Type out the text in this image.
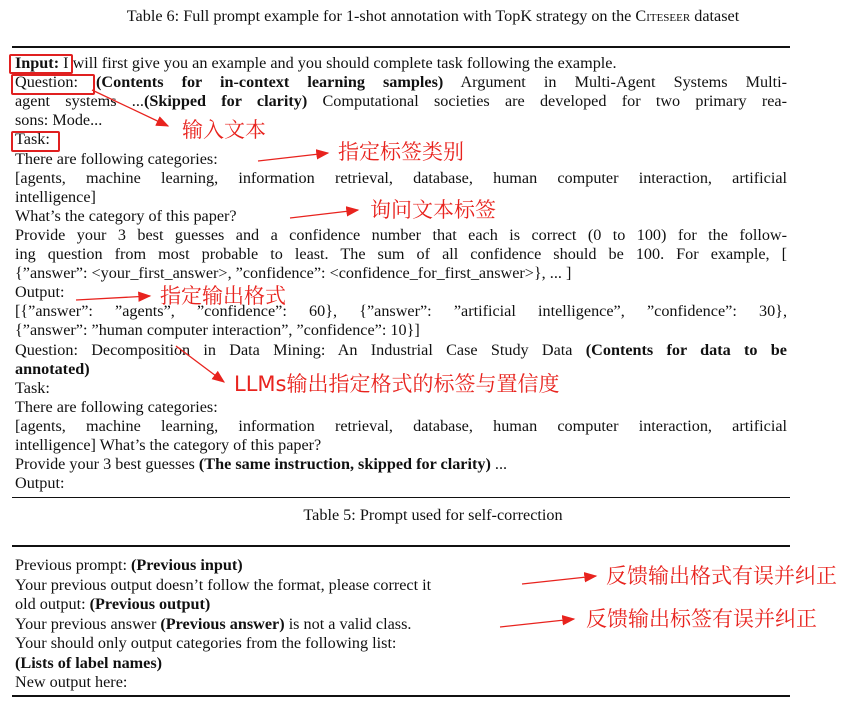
Table 6: Full prompt example for 1-shot annotation with TopK strategy on the Citeseer dataset
Input: I will first give you an example and you should complete task following the example.
Question: (Contents for in-context learning samples) Argument in Multi-Agent Systems Multi-
agent systems ...(Skipped for clarity) Computational societies are developed for two primary rea-
sons: Mode...
Task:
There are following categories:
[agents, machine learning, information retrieval, database, human computer interaction, artificial
intelligence]
What’s the category of this paper?
Provide your 3 best guesses and a confidence number that each is correct (0 to 100) for the follow-
ing question from most probable to least. The sum of all confidence should be 100. For example, [
{”answer”: <your_first_answer>, ”confidence”: <confidence_for_first_answer>}, ... ]
Output:
[{”answer”: ”agents”, ”confidence”: 60}, {”answer”: ”artificial intelligence”, ”confidence”: 30},
{”answer”: ”human computer interaction”, ”confidence”: 10}]
Question: Decomposition in Data Mining: An Industrial Case Study Data (Contents for data to be
annotated)
Task:
There are following categories:
[agents, machine learning, information retrieval, database, human computer interaction, artificial
intelligence] What’s the category of this paper?
Provide your 3 best guesses (The same instruction, skipped for clarity) ...
Output:
Table 5: Prompt used for self-correction
Previous prompt: (Previous input)
Your previous output doesn’t follow the format, please correct it
old output: (Previous output)
Your previous answer (Previous answer) is not a valid class.
Your should only output categories from the following list:
(Lists of label names)
New output here:
输入文本
指定标签类别
询问文本标签
指定输出格式
LLMs输出指定格式的标签与置信度
反馈输出格式有误并纠正
反馈输出标签有误并纠正
